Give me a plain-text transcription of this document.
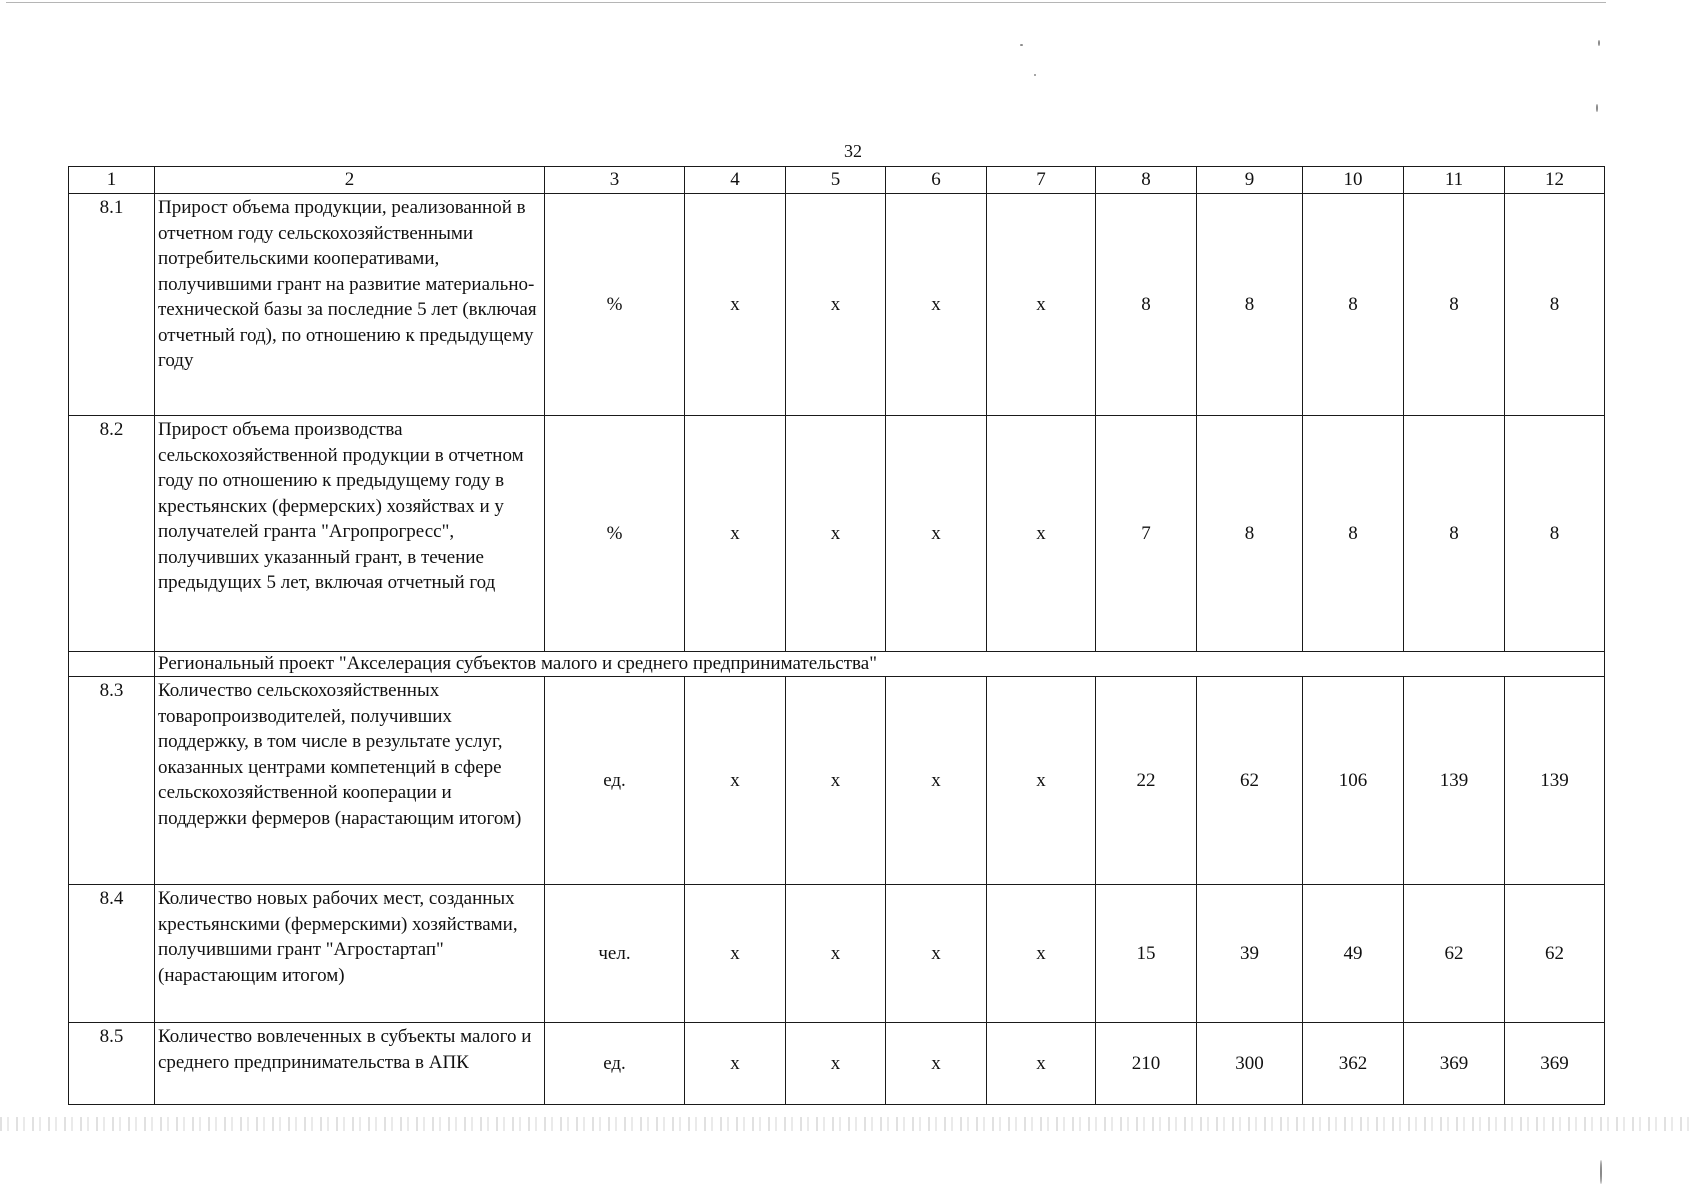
32
1	2	3	4	5	6	7	8	9	10	11	12
8.1	Прирост объема продукции, реализованной в отчетном году сельскохозяйственными потребительскими кооперативами, получившими грант на развитие материально-технической базы за последние 5 лет (включая отчетный год), по отношению к предыдущему году	%	х	х	х	х	8	8	8	8	8
8.2	Прирост объема производства сельскохозяйственной продукции в отчетном году по отношению к предыдущему году в крестьянских (фермерских) хозяйствах и у получателей гранта "Агропрогресс", получивших указанный грант, в течение предыдущих 5 лет, включая отчетный год	%	х	х	х	х	7	8	8	8	8
	Региональный проект "Акселерация субъектов малого и среднего предпринимательства"										
8.3	Количество сельскохозяйственных товаропроизводителей, получивших поддержку, в том числе в результате услуг, оказанных центрами компетенций в сфере сельскохозяйственной кооперации и поддержки фермеров (нарастающим итогом)	ед.	х	х	х	х	22	62	106	139	139
8.4	Количество новых рабочих мест, созданных крестьянскими (фермерскими) хозяйствами, получившими грант "Агростартап" (нарастающим итогом)	чел.	х	х	х	х	15	39	49	62	62
8.5	Количество вовлеченных в субъекты малого и среднего предпринимательства в АПК	ед.	х	х	х	х	210	300	362	369	369
